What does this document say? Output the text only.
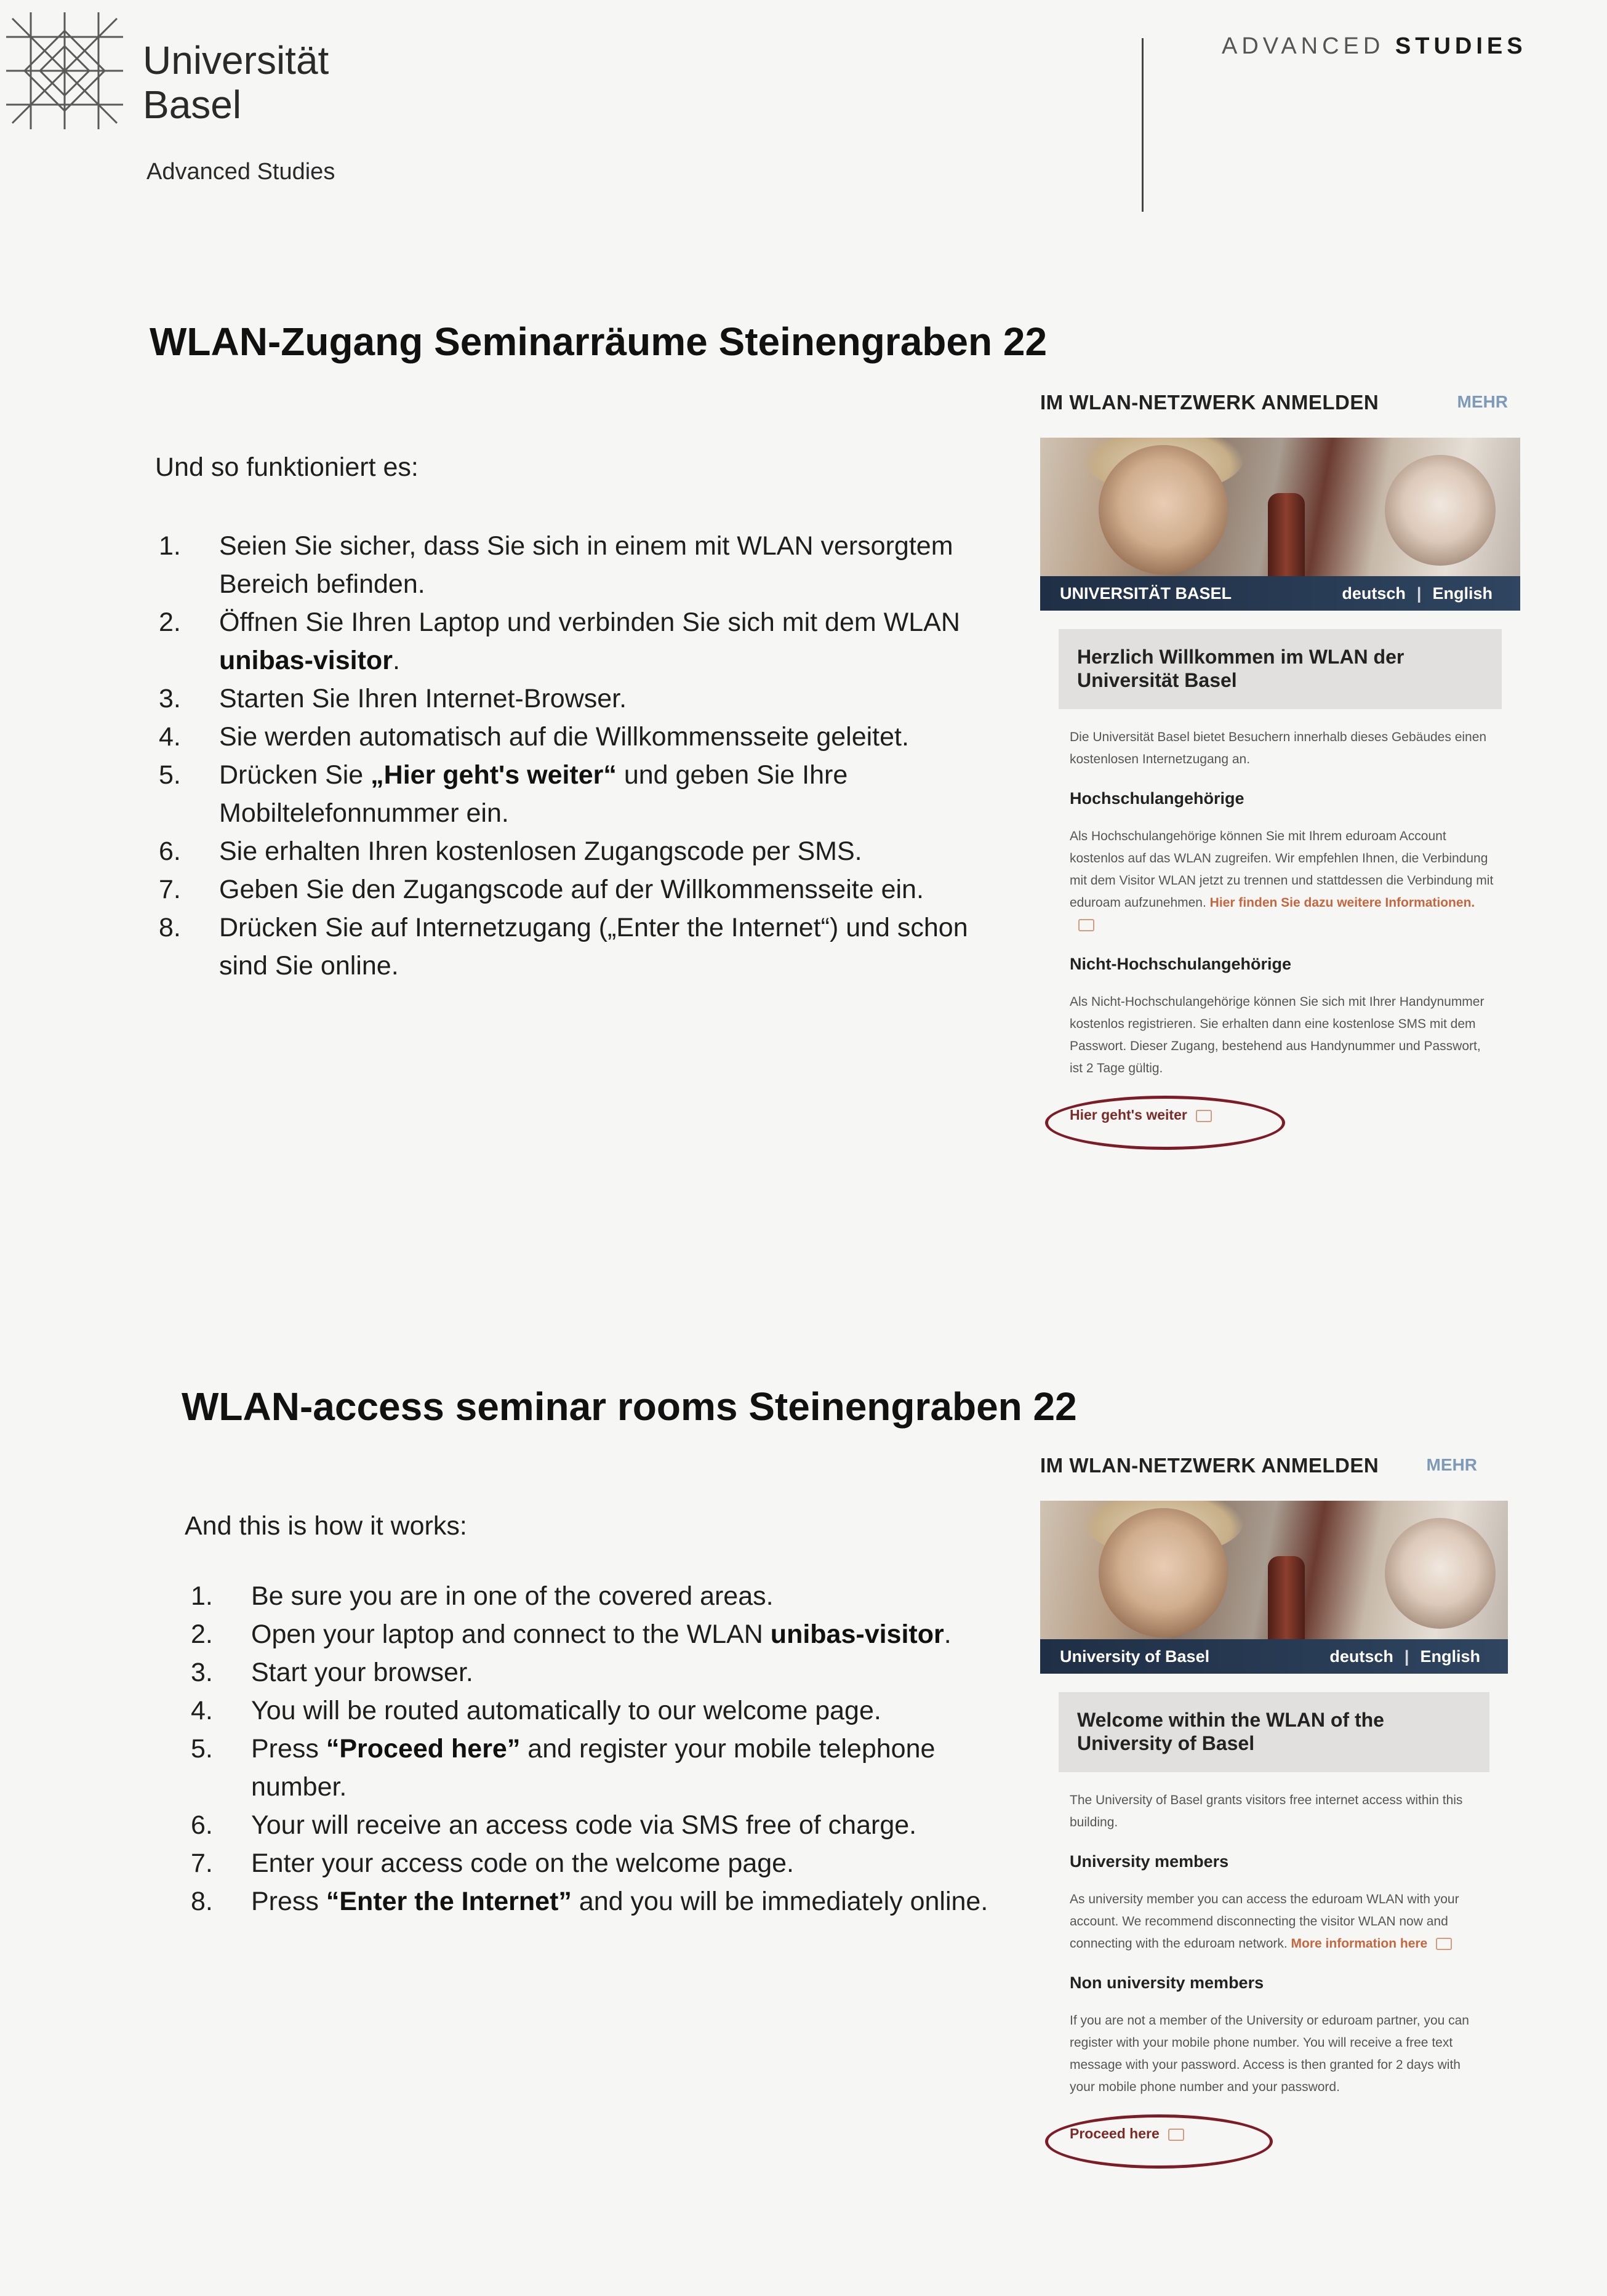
Universität
Basel
Advanced Studies
ADVANCED STUDIES
WLAN-Zugang Seminarräume Steinengraben 22
Und so funktioniert es:
1. Seien Sie sicher, dass Sie sich in einem mit WLAN versorgtem Bereich befinden.
2. Öffnen Sie Ihren Laptop und verbinden Sie sich mit dem WLAN unibas-visitor.
3. Starten Sie Ihren Internet-Browser.
4. Sie werden automatisch auf die Willkommensseite geleitet.
5. Drücken Sie „Hier geht's weiter“ und geben Sie Ihre Mobiltelefonnummer ein.
6. Sie erhalten Ihren kostenlosen Zugangscode per SMS.
7. Geben Sie den Zugangscode auf der Willkommensseite ein.
8. Drücken Sie auf Internetzugang („Enter the Internet“) und schon sind Sie online.
IM WLAN-NETZWERK ANMELDEN	MEHR
UNIVERSITÄT BASEL	deutsch | English
Herzlich Willkommen im WLAN der Universität Basel
Die Universität Basel bietet Besuchern innerhalb dieses Gebäudes einen kostenlosen Internetzugang an.
Hochschulangehörige
Als Hochschulangehörige können Sie mit Ihrem eduroam Account kostenlos auf das WLAN zugreifen. Wir empfehlen Ihnen, die Verbindung mit dem Visitor WLAN jetzt zu trennen und stattdessen die Verbindung mit eduroam aufzunehmen. Hier finden Sie dazu weitere Informationen.
Nicht-Hochschulangehörige
Als Nicht-Hochschulangehörige können Sie sich mit Ihrer Handynummer kostenlos registrieren. Sie erhalten dann eine kostenlose SMS mit dem Passwort. Dieser Zugang, bestehend aus Handynummer und Passwort, ist 2 Tage gültig.
Hier geht's weiter
WLAN-access seminar rooms Steinengraben 22
And this is how it works:
1. Be sure you are in one of the covered areas.
2. Open your laptop and connect to the WLAN unibas-visitor.
3. Start your browser.
4. You will be routed automatically to our welcome page.
5. Press “Proceed here” and register your mobile telephone number.
6. Your will receive an access code via SMS free of charge.
7. Enter your access code on the welcome page.
8. Press “Enter the Internet” and you will be immediately online.
IM WLAN-NETZWERK ANMELDEN	MEHR
University of Basel	deutsch | English
Welcome within the WLAN of the University of Basel
The University of Basel grants visitors free internet access within this building.
University members
As university member you can access the eduroam WLAN with your account. We recommend disconnecting the visitor WLAN now and connecting with the eduroam network. More information here
Non university members
If you are not a member of the University or eduroam partner, you can register with your mobile phone number. You will receive a free text message with your password. Access is then granted for 2 days with your mobile phone number and your password.
Proceed here
